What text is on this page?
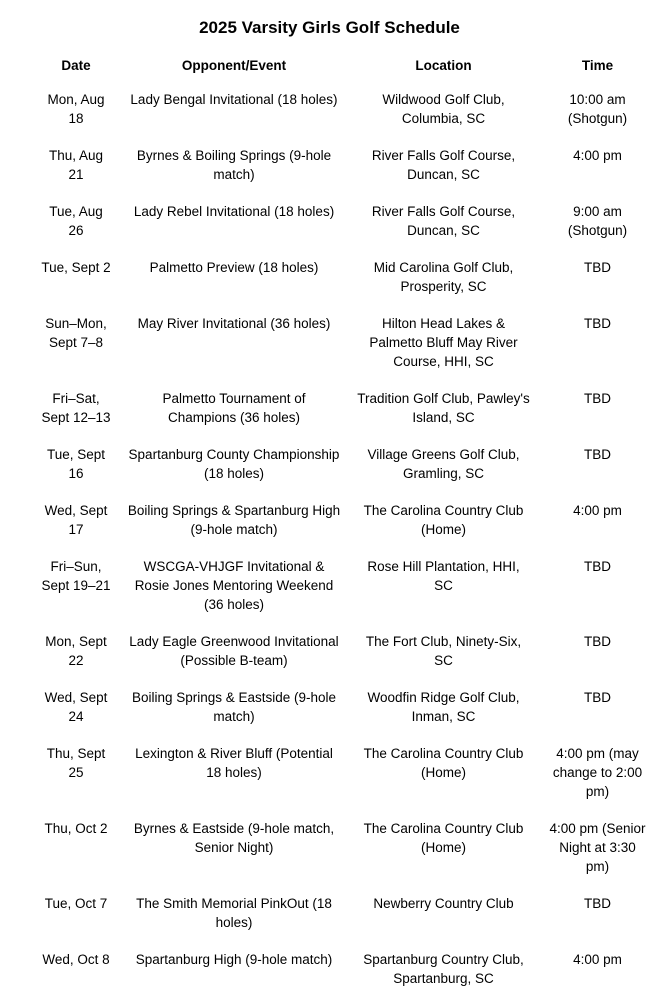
2025 Varsity Girls Golf Schedule
Date	Opponent/Event	Location	Time
Mon, Aug 18	Lady Bengal Invitational (18 holes)	Wildwood Golf Club, Columbia, SC	10:00 am (Shotgun)
Thu, Aug 21	Byrnes & Boiling Springs (9-hole match)	River Falls Golf Course, Duncan, SC	4:00 pm
Tue, Aug 26	Lady Rebel Invitational (18 holes)	River Falls Golf Course, Duncan, SC	9:00 am (Shotgun)
Tue, Sept 2	Palmetto Preview (18 holes)	Mid Carolina Golf Club, Prosperity, SC	TBD
Sun–Mon, Sept 7–8	May River Invitational (36 holes)	Hilton Head Lakes & Palmetto Bluff May River Course, HHI, SC	TBD
Fri–Sat, Sept 12–13	Palmetto Tournament of Champions (36 holes)	Tradition Golf Club, Pawley's Island, SC	TBD
Tue, Sept 16	Spartanburg County Championship (18 holes)	Village Greens Golf Club, Gramling, SC	TBD
Wed, Sept 17	Boiling Springs & Spartanburg High (9-hole match)	The Carolina Country Club (Home)	4:00 pm
Fri–Sun, Sept 19–21	WSCGA-VHJGF Invitational & Rosie Jones Mentoring Weekend (36 holes)	Rose Hill Plantation, HHI, SC	TBD
Mon, Sept 22	Lady Eagle Greenwood Invitational (Possible B-team)	The Fort Club, Ninety-Six, SC	TBD
Wed, Sept 24	Boiling Springs & Eastside (9-hole match)	Woodfin Ridge Golf Club, Inman, SC	TBD
Thu, Sept 25	Lexington & River Bluff (Potential 18 holes)	The Carolina Country Club (Home)	4:00 pm (may change to 2:00 pm)
Thu, Oct 2	Byrnes & Eastside (9-hole match, Senior Night)	The Carolina Country Club (Home)	4:00 pm (Senior Night at 3:30 pm)
Tue, Oct 7	The Smith Memorial PinkOut (18 holes)	Newberry Country Club	TBD
Wed, Oct 8	Spartanburg High (9-hole match)	Spartanburg Country Club, Spartanburg, SC	4:00 pm
